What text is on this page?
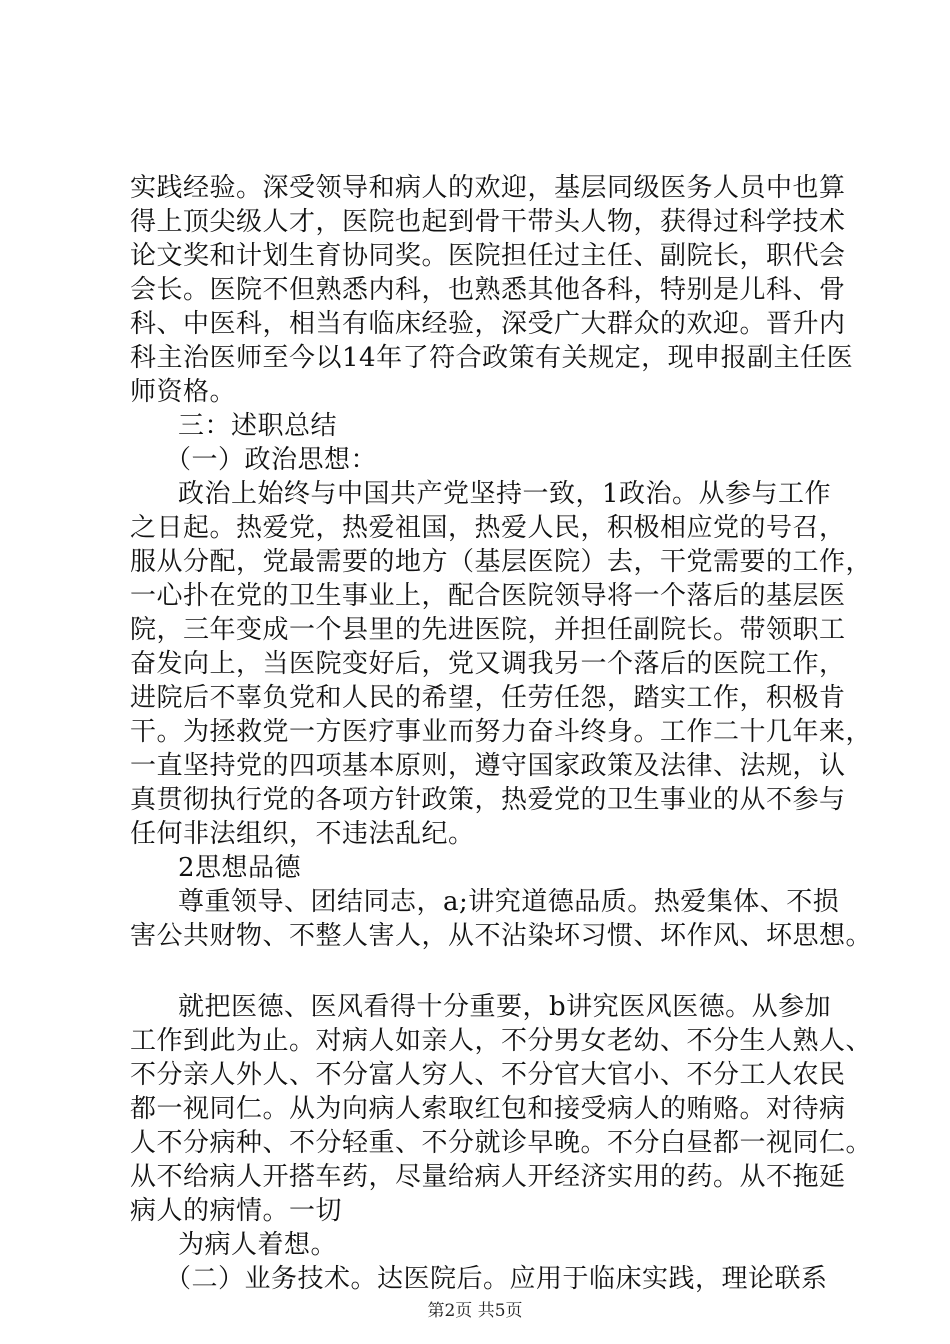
实践经验。深受领导和病人的欢迎，基层同级医务人员中也算
得上顶尖级人才，医院也起到骨干带头人物，获得过科学技术
论文奖和计划生育协同奖。医院担任过主任、副院长，职代会
会长。医院不但熟悉内科，也熟悉其他各科，特别是儿科、骨
科、中医科，相当有临床经验，深受广大群众的欢迎。晋升内
科主治医师至今以14年了符合政策有关规定，现申报副主任医
师资格。
三：述职总结
（一）政治思想：
政治上始终与中国共产党坚持一致，1政治。从参与工作
之日起。热爱党，热爱祖国，热爱人民，积极相应党的号召，
服从分配，党最需要的地方（基层医院）去，干党需要的工作，
一心扑在党的卫生事业上，配合医院领导将一个落后的基层医
院，三年变成一个县里的先进医院，并担任副院长。带领职工
奋发向上，当医院变好后，党又调我另一个落后的医院工作，
进院后不辜负党和人民的希望，任劳任怨，踏实工作，积极肯
干。为拯救党一方医疗事业而努力奋斗终身。工作二十几年来，
一直坚持党的四项基本原则，遵守国家政策及法律、法规，认
真贯彻执行党的各项方针政策，热爱党的卫生事业的从不参与
任何非法组织，不违法乱纪。
2思想品德
尊重领导、团结同志，a;讲究道德品质。热爱集体、不损
害公共财物、不整人害人，从不沾染坏习惯、坏作风、坏思想。
就把医德、医风看得十分重要，b讲究医风医德。从参加
工作到此为止。对病人如亲人，不分男女老幼、不分生人熟人、
不分亲人外人、不分富人穷人、不分官大官小、不分工人农民
都一视同仁。从为向病人索取红包和接受病人的贿赂。对待病
人不分病种、不分轻重、不分就诊早晚。不分白昼都一视同仁。
从不给病人开搭车药，尽量给病人开经济实用的药。从不拖延
病人的病情。一切
为病人着想。
（二）业务技术。达医院后。应用于临床实践，理论联系
第2页 共5页
